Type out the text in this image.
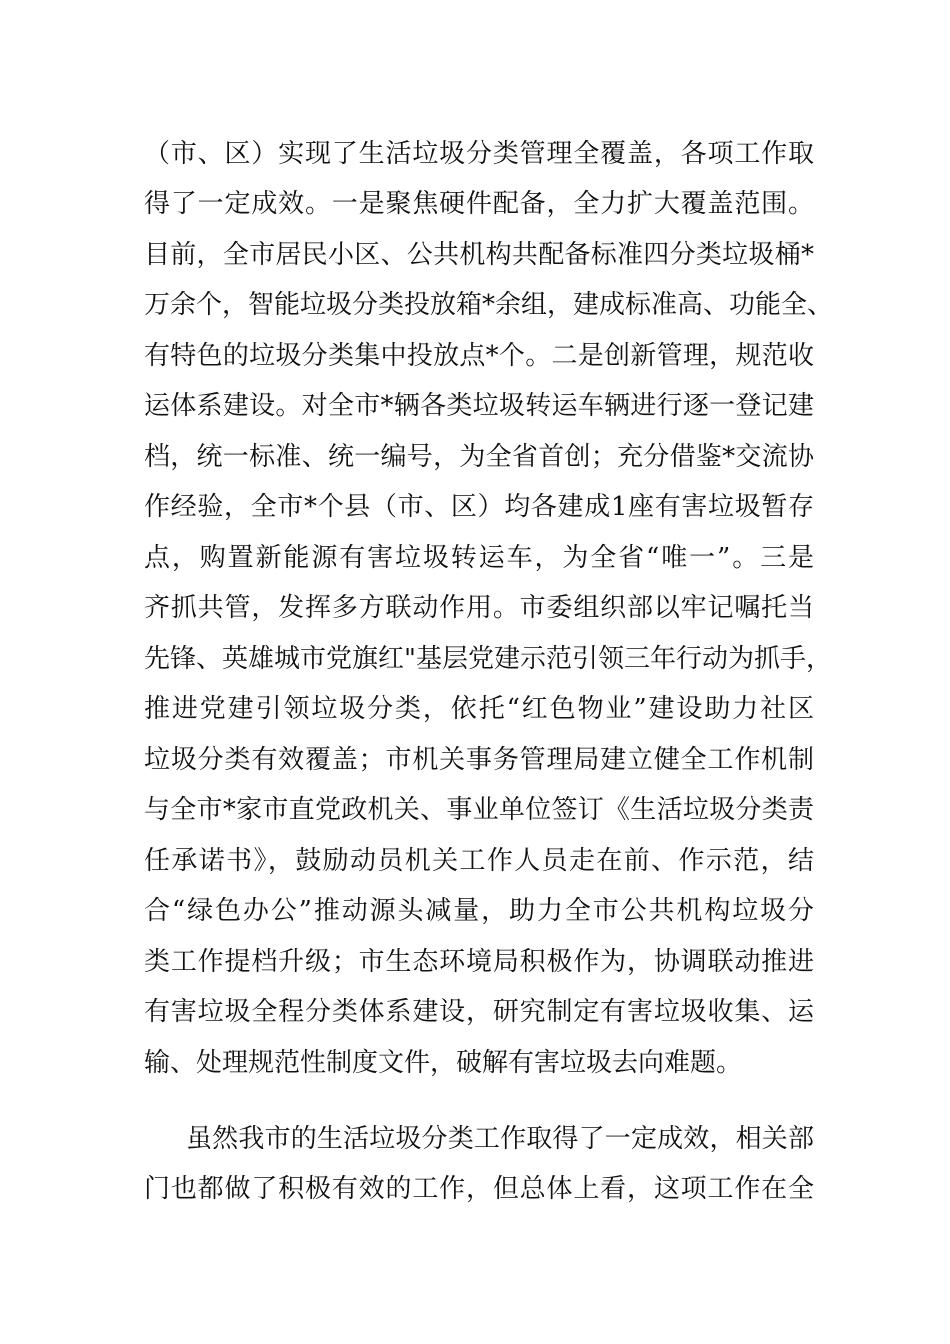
（市、区）实现了生活垃圾分类管理全覆盖，各项工作取
得了一定成效。一是聚焦硬件配备，全力扩大覆盖范围。
目前，全市居民小区、公共机构共配备标准四分类垃圾桶*
万余个，智能垃圾分类投放箱*余组，建成标准高、功能全、
有特色的垃圾分类集中投放点*个。二是创新管理，规范收
运体系建设。对全市*辆各类垃圾转运车辆进行逐一登记建
档，统一标准、统一编号，为全省首创；充分借鉴*交流协
作经验，全市*个县（市、区）均各建成1座有害垃圾暂存
点，购置新能源有害垃圾转运车，为全省“唯一”。三是
齐抓共管，发挥多方联动作用。市委组织部以牢记嘱托当
先锋、英雄城市党旗红"基层党建示范引领三年行动为抓手，
推进党建引领垃圾分类，依托“红色物业”建设助力社区
垃圾分类有效覆盖；市机关事务管理局建立健全工作机制
与全市*家市直党政机关、事业单位签订《生活垃圾分类责
任承诺书》，鼓励动员机关工作人员走在前、作示范，结
合“绿色办公”推动源头减量，助力全市公共机构垃圾分
类工作提档升级；市生态环境局积极作为，协调联动推进
有害垃圾全程分类体系建设，研究制定有害垃圾收集、运
输、处理规范性制度文件，破解有害垃圾去向难题。
虽然我市的生活垃圾分类工作取得了一定成效，相关部
门也都做了积极有效的工作，但总体上看，这项工作在全
